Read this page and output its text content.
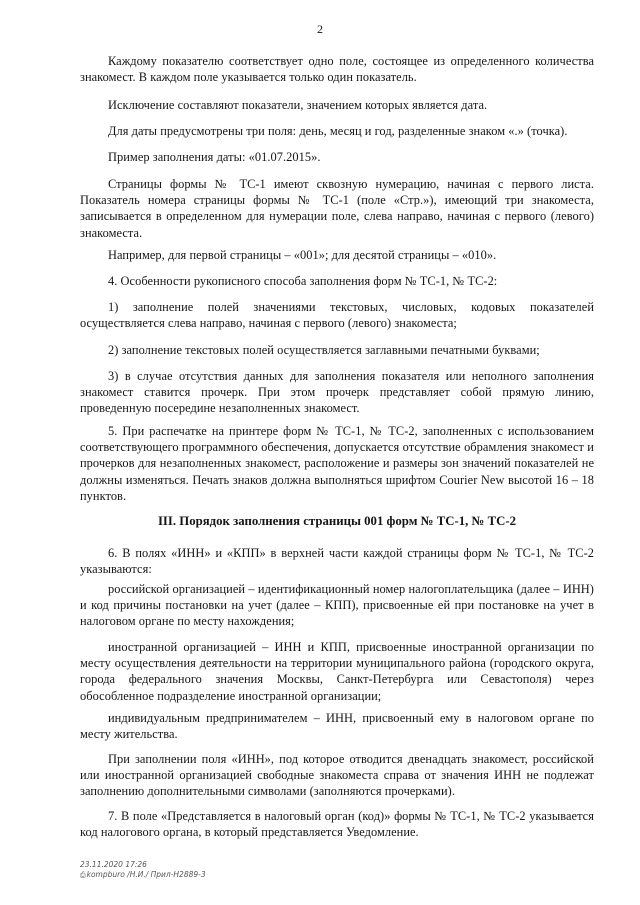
2

Каждому показателю соответствует одно поле, состоящее из определенного количества знакомест. В каждом поле указывается только один показатель.

Исключение составляют показатели, значением которых является дата.

Для даты предусмотрены три поля: день, месяц и год, разделенные знаком «.» (точка).

Пример заполнения даты: «01.07.2015».

Страницы формы № ТС-1 имеют сквозную нумерацию, начиная с первого листа. Показатель номера страницы формы № ТС-1 (поле «Стр.»), имеющий три знакоместа, записывается в определенном для нумерации поле, слева направо, начиная с первого (левого) знакоместа.

Например, для первой страницы – «001»; для десятой страницы – «010».

4. Особенности рукописного способа заполнения форм № ТС-1, № ТС-2:

1) заполнение полей значениями текстовых, числовых, кодовых показателей осуществляется слева направо, начиная с первого (левого) знакоместа;

2) заполнение текстовых полей осуществляется заглавными печатными буквами;

3) в случае отсутствия данных для заполнения показателя или неполного заполнения знакомест ставится прочерк. При этом прочерк представляет собой прямую линию, проведенную посередине незаполненных знакомест.

5. При распечатке на принтере форм № ТС-1, № ТС-2, заполненных с использованием соответствующего программного обеспечения, допускается отсутствие обрамления знакомест и прочерков для незаполненных знакомест, расположение и размеры зон значений показателей не должны изменяться. Печать знаков должна выполняться шрифтом Courier New высотой 16 – 18 пунктов.

III. Порядок заполнения страницы 001 форм № ТС-1, № ТС-2

6. В полях «ИНН» и «КПП» в верхней части каждой страницы форм № ТС-1, № ТС-2 указываются:

российской организацией – идентификационный номер налогоплательщика (далее – ИНН) и код причины постановки на учет (далее – КПП), присвоенные ей при постановке на учет в налоговом органе по месту нахождения;

иностранной организацией – ИНН и КПП, присвоенные иностранной организации по месту осуществления деятельности на территории муниципального района (городского округа, города федерального значения Москвы, Санкт-Петербурга или Севастополя) через обособленное подразделение иностранной организации;

индивидуальным предпринимателем – ИНН, присвоенный ему в налоговом органе по месту жительства.

При заполнении поля «ИНН», под которое отводится двенадцать знакомест, российской или иностранной организацией свободные знакоместа справа от значения ИНН не подлежат заполнению дополнительными символами (заполняются прочерками).

7. В поле «Представляется в налоговый орган (код)» формы № ТС-1, № ТС-2 указывается код налогового органа, в который представляется Уведомление.

23.11.2020 17:26
⎙kompburo /Н.И./ Прил-Н2889-3
